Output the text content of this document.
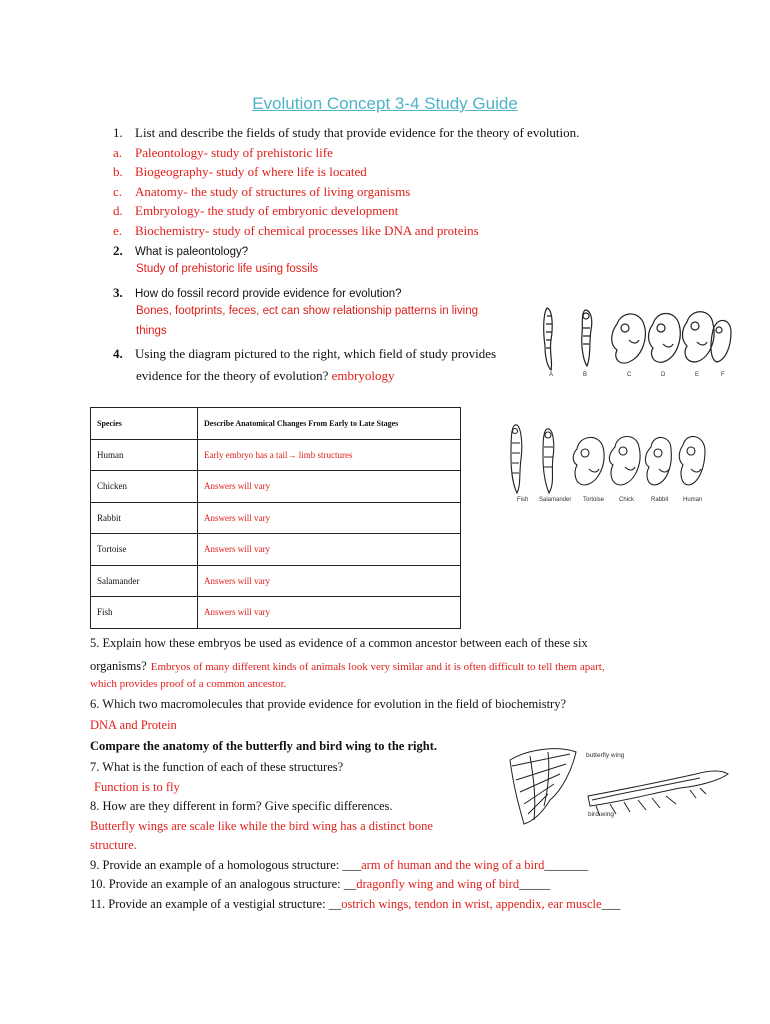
Evolution Concept 3-4 Study Guide
1. List and describe the fields of study that provide evidence for the theory of evolution.
a. Paleontology- study of prehistoric life
b. Biogeography- study of where life is located
c. Anatomy- the study of structures of living organisms
d. Embryology- the study of embryonic development
e. Biochemistry- study of chemical processes like DNA and proteins
2. What is paleontology?
Study of prehistoric life using fossils
3. How do fossil record provide evidence for evolution?
Bones, footprints, feces, ect can show relationship patterns in living
things
4. Using the diagram pictured to the right, which field of study provides
evidence for the theory of evolution? embryology	A	B	C	D	E	F
Species	Describe Anatomical Changes From Early to Late Stages
Human	Early embryo has a tail→ limb structures
Chicken	Answers will vary
Rabbit	Answers will vary
Tortoise	Answers will vary
Salamander	Answers will vary
Fish	Answers will vary
Fish Salamander Tortoise Chick	Rabbit Human
5. Explain how these embryos be used as evidence of a common ancestor between each of these six
organisms? Embryos of many different kinds of animals look very similar and it is often difficult to tell them apart,
which provides proof of a common ancestor.
6. Which two macromolecules that provide evidence for evolution in the field of biochemistry?
DNA and Protein
Compare the anatomy of the butterfly and bird wing to the right.
7. What is the function of each of these structures?
Function is to fly
8. How are they different in form? Give specific differences.
Butterfly wings are scale like while the bird wing has a distinct bone
structure.
butterfly wing
bird wing
9. Provide an example of a homologous structure: ___arm of human and the wing of a bird_______
10. Provide an example of an analogous structure: __dragonfly wing and wing of bird_____
11. Provide an example of a vestigial structure: __ostrich wings, tendon in wrist, appendix, ear muscle___
